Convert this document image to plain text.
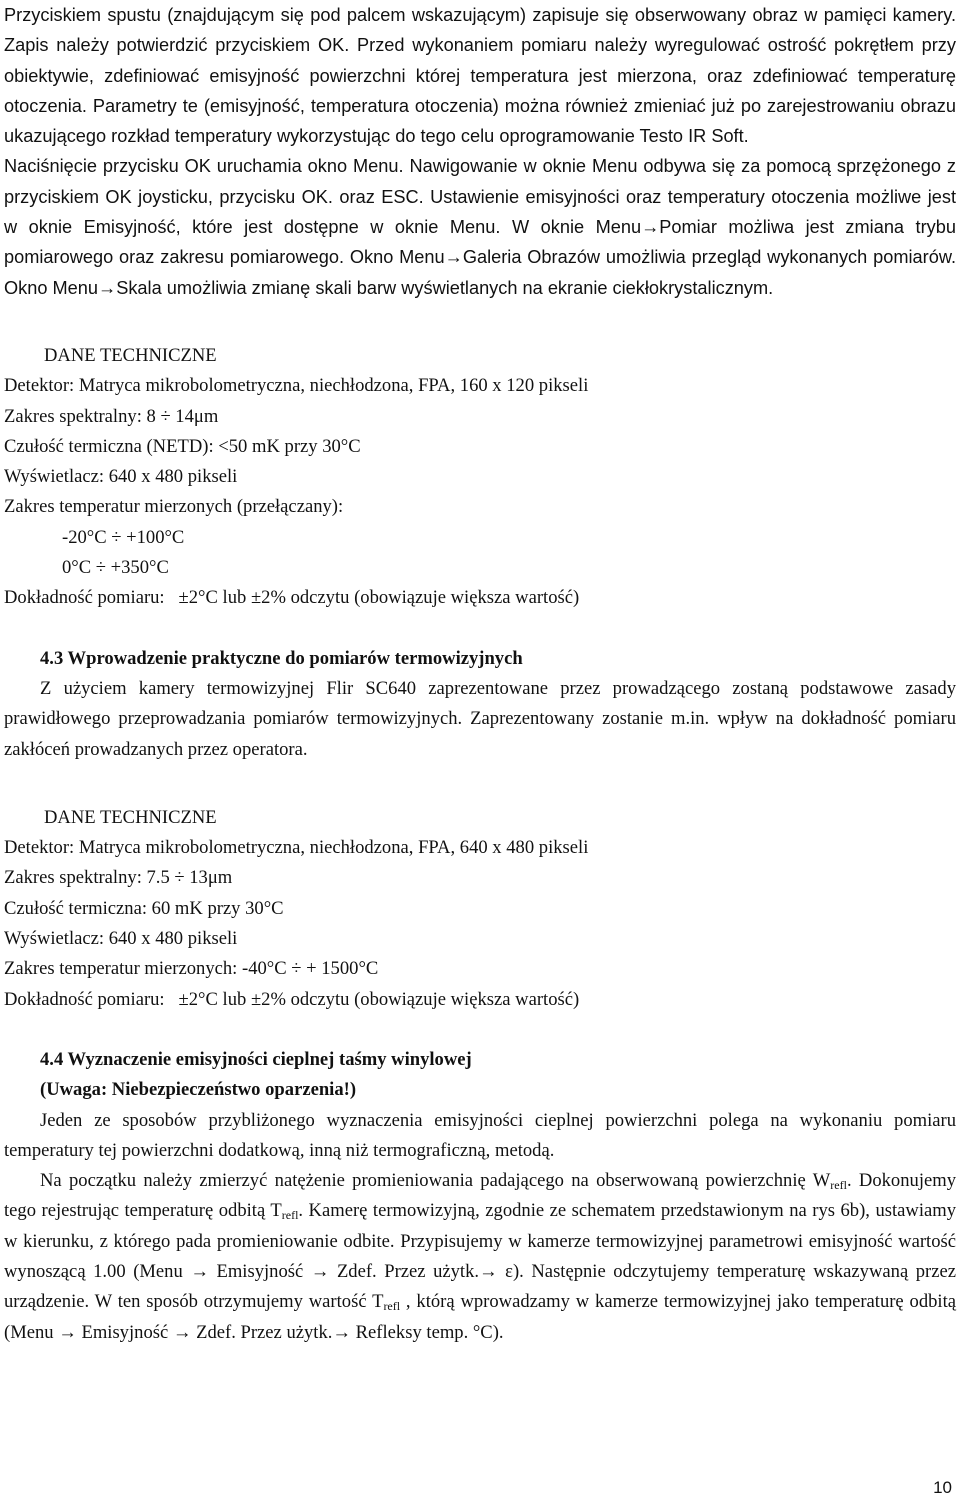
Przyciskiem spustu (znajdującym się pod palcem wskazującym) zapisuje się obserwowany obraz w pamięci kamery. Zapis należy potwierdzić przyciskiem OK. Przed wykonaniem pomiaru należy wyregulować ostrość pokrętłem przy obiektywie, zdefiniować emisyjność powierzchni której temperatura jest mierzona, oraz zdefiniować temperaturę otoczenia. Parametry te (emisyjność, temperatura otoczenia) można również zmieniać już po zarejestrowaniu obrazu ukazującego rozkład temperatury wykorzystując do tego celu oprogramowanie Testo IR Soft.

Naciśnięcie przycisku OK uruchamia okno Menu. Nawigowanie w oknie Menu odbywa się za pomocą sprzężonego z przyciskiem OK joysticku, przycisku OK. oraz ESC. Ustawienie emisyjności oraz temperatury otoczenia możliwe jest w oknie Emisyjność, które jest dostępne w oknie Menu. W oknie Menu→Pomiar możliwa jest zmiana trybu pomiarowego oraz zakresu pomiarowego. Okno Menu→Galeria Obrazów umożliwia przegląd wykonanych pomiarów. Okno Menu→Skala umożliwia zmianę skali barw wyświetlanych na ekranie ciekłokrystalicznym.

DANE TECHNICZNE

Detektor: Matryca mikrobolometryczna, niechłodzona, FPA, 160 x 120 pikseli

Zakres spektralny: 8 ÷ 14μm

Czułość termiczna (NETD): <50 mK przy 30°C

Wyświetlacz: 640 x 480 pikseli

Zakres temperatur mierzonych (przełączany):

-20°C ÷ +100°C

0°C ÷ +350°C

Dokładność pomiaru:   ±2°C lub ±2% odczytu (obowiązuje większa wartość)

4.3 Wprowadzenie praktyczne do pomiarów termowizyjnych

Z użyciem kamery termowizyjnej Flir SC640 zaprezentowane przez prowadzącego zostaną podstawowe zasady prawidłowego przeprowadzania pomiarów termowizyjnych. Zaprezentowany zostanie m.in. wpływ na dokładność pomiaru zakłóceń prowadzanych przez operatora.

DANE TECHNICZNE

Detektor: Matryca mikrobolometryczna, niechłodzona, FPA, 640 x 480 pikseli

Zakres spektralny: 7.5 ÷ 13μm

Czułość termiczna: 60 mK przy 30°C

Wyświetlacz: 640 x 480 pikseli

Zakres temperatur mierzonych: -40°C ÷ + 1500°C

Dokładność pomiaru:   ±2°C lub ±2% odczytu (obowiązuje większa wartość)

4.4 Wyznaczenie emisyjności cieplnej taśmy winylowej

(Uwaga: Niebezpieczeństwo oparzenia!)

Jeden ze sposobów przybliżonego wyznaczenia emisyjności cieplnej powierzchni polega na wykonaniu pomiaru temperatury tej powierzchni dodatkową, inną niż termograficzną, metodą.

Na początku należy zmierzyć natężenie promieniowania padającego na obserwowaną powierzchnię $W_{refl}$. Dokonujemy tego rejestrując temperaturę odbitą $T_{refl}$. Kamerę termowizyjną, zgodnie ze schematem przedstawionym na rys 6b), ustawiamy w kierunku, z którego pada promieniowanie odbite. Przypisujemy w kamerze termowizyjnej parametrowi emisyjność wartość wynoszącą 1.00 (Menu → Emisyjność → Zdef. Przez użytk.→ ε). Następnie odczytujemy temperaturę wskazywaną przez urządzenie. W ten sposób otrzymujemy wartość $T_{refl}$ , którą wprowadzamy w kamerze termowizyjnej jako temperaturę odbitą (Menu → Emisyjność → Zdef. Przez użytk.→ Refleksy temp. °C).

10
